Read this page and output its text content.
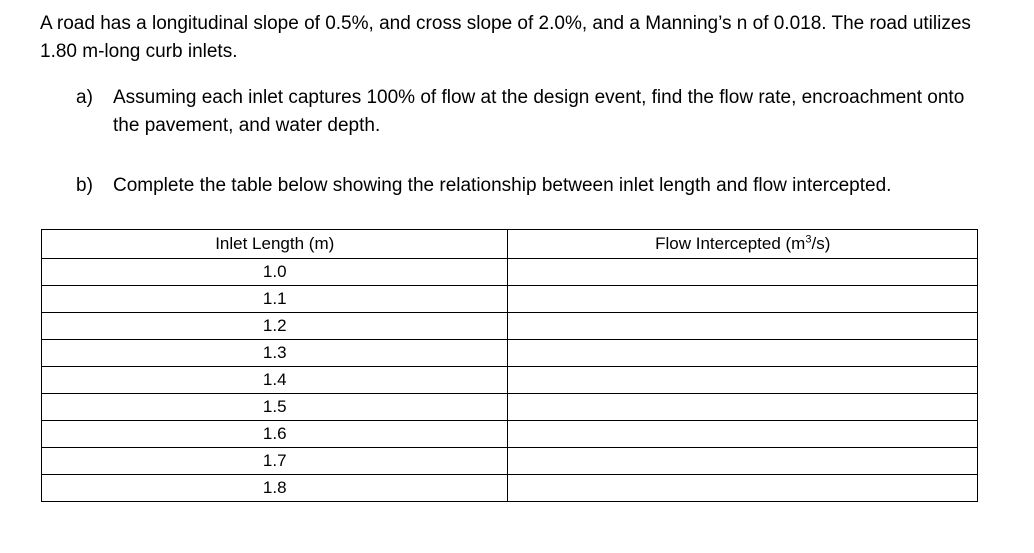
A road has a longitudinal slope of 0.5%, and cross slope of 2.0%, and a Manning’s n of 0.018. The road utilizes 1.80 m-long curb inlets.
a) Assuming each inlet captures 100% of flow at the design event, find the flow rate, encroachment onto the pavement, and water depth.
b) Complete the table below showing the relationship between inlet length and flow intercepted.
Inlet Length (m)	Flow Intercepted $(m^3/s)$
1.0	
1.1	
1.2	
1.3	
1.4	
1.5	
1.6	
1.7	
1.8	
